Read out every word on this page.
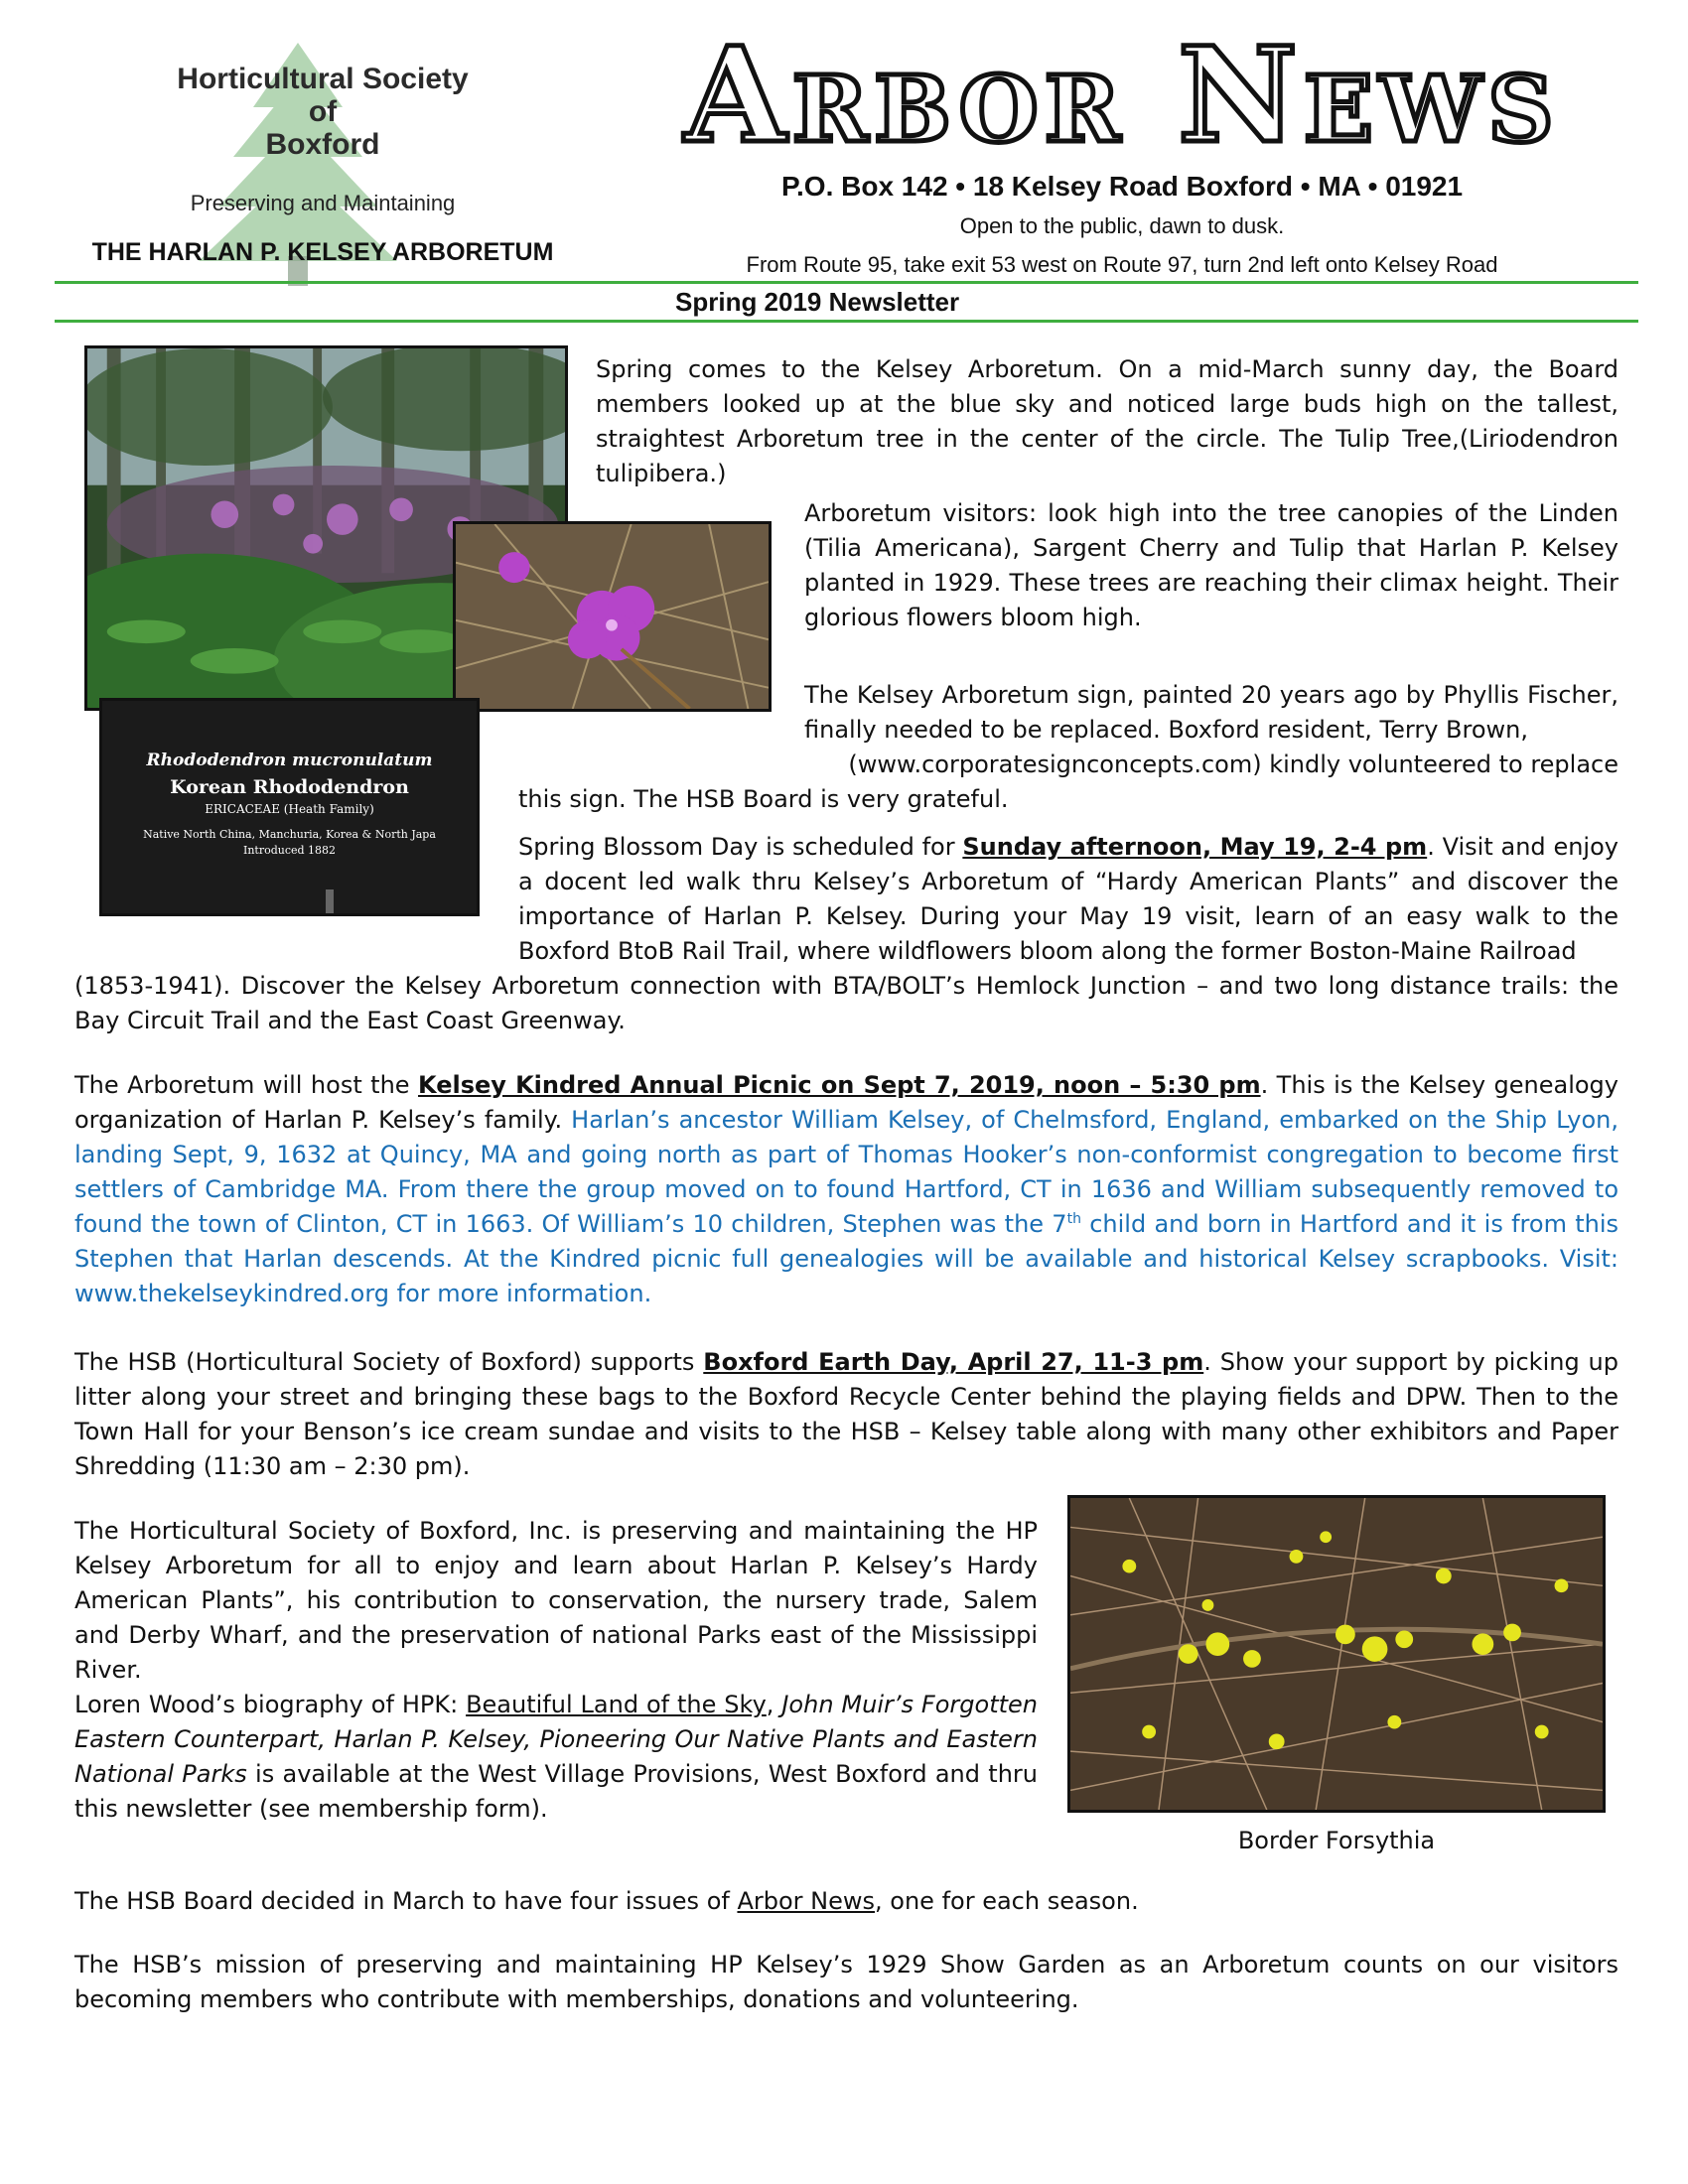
Horticultural Society
of
Boxford
Preserving and Maintaining
THE HARLAN P. KELSEY ARBORETUM
Arbor News
P.O. Box 142 • 18 Kelsey Road Boxford • MA • 01921
Open to the public, dawn to dusk.
From Route 95, take exit 53 west on Route 97, turn 2nd left onto Kelsey Road
Spring 2019 Newsletter
Rhododendron mucronulatum
Korean Rhododendron
ERICACEAE (Heath Family)
Native North China, Manchuria, Korea & North Japa
Introduced 1882
Border Forsythia
Spring comes to the Kelsey Arboretum. On a mid-March sunny day, the Board members looked up at the blue sky and noticed large buds high on the tallest, straightest Arboretum tree in the center of the circle. The Tulip Tree,(Liriodendron tulipibera.)
Arboretum visitors: look high into the tree canopies of the Linden (Tilia Americana), Sargent Cherry and Tulip that Harlan P. Kelsey planted in 1929. These trees are reaching their climax height. Their glorious flowers bloom high.
The Kelsey Arboretum sign, painted 20 years ago by Phyllis Fischer, finally needed to be replaced. Boxford resident, Terry Brown,
(www.corporatesignconcepts.com) kindly volunteered to replace
this sign. The HSB Board is very grateful.
Spring Blossom Day is scheduled for Sunday afternoon, May 19, 2-4 pm. Visit and enjoy a docent led walk thru Kelsey’s Arboretum of “Hardy American Plants” and discover the importance of Harlan P. Kelsey. During your May 19 visit, learn of an easy walk to the Boxford BtoB Rail Trail, where wildflowers bloom along the former Boston-Maine Railroad
(1853-1941). Discover the Kelsey Arboretum connection with BTA/BOLT’s Hemlock Junction – and two long distance trails: the Bay Circuit Trail and the East Coast Greenway.
The Arboretum will host the Kelsey Kindred Annual Picnic on Sept 7, 2019, noon – 5:30 pm. This is the Kelsey genealogy organization of Harlan P. Kelsey’s family. Harlan’s ancestor William Kelsey, of Chelmsford, England, embarked on the Ship Lyon, landing Sept, 9, 1632 at Quincy, MA and going north as part of Thomas Hooker’s non-conformist congregation to become first settlers of Cambridge MA. From there the group moved on to found Hartford, CT in 1636 and William subsequently removed to found the town of Clinton, CT in 1663. Of William’s 10 children, Stephen was the 7th child and born in Hartford and it is from this Stephen that Harlan descends. At the Kindred picnic full genealogies will be available and historical Kelsey scrapbooks. Visit: www.thekelseykindred.org for more information.
The HSB (Horticultural Society of Boxford) supports Boxford Earth Day, April 27, 11-3 pm. Show your support by picking up litter along your street and bringing these bags to the Boxford Recycle Center behind the playing fields and DPW. Then to the Town Hall for your Benson’s ice cream sundae and visits to the HSB – Kelsey table along with many other exhibitors and Paper Shredding (11:30 am – 2:30 pm).
The Horticultural Society of Boxford, Inc. is preserving and maintaining the HP Kelsey Arboretum for all to enjoy and learn about Harlan P. Kelsey’s Hardy American Plants”, his contribution to conservation, the nursery trade, Salem and Derby Wharf, and the preservation of national Parks east of the Mississippi River.
Loren Wood’s biography of HPK: Beautiful Land of the Sky, John Muir’s Forgotten Eastern Counterpart, Harlan P. Kelsey, Pioneering Our Native Plants and Eastern National Parks is available at the West Village Provisions, West Boxford and thru this newsletter (see membership form).
The HSB Board decided in March to have four issues of Arbor News, one for each season.
The HSB’s mission of preserving and maintaining HP Kelsey’s 1929 Show Garden as an Arboretum counts on our visitors becoming members who contribute with memberships, donations and volunteering.
